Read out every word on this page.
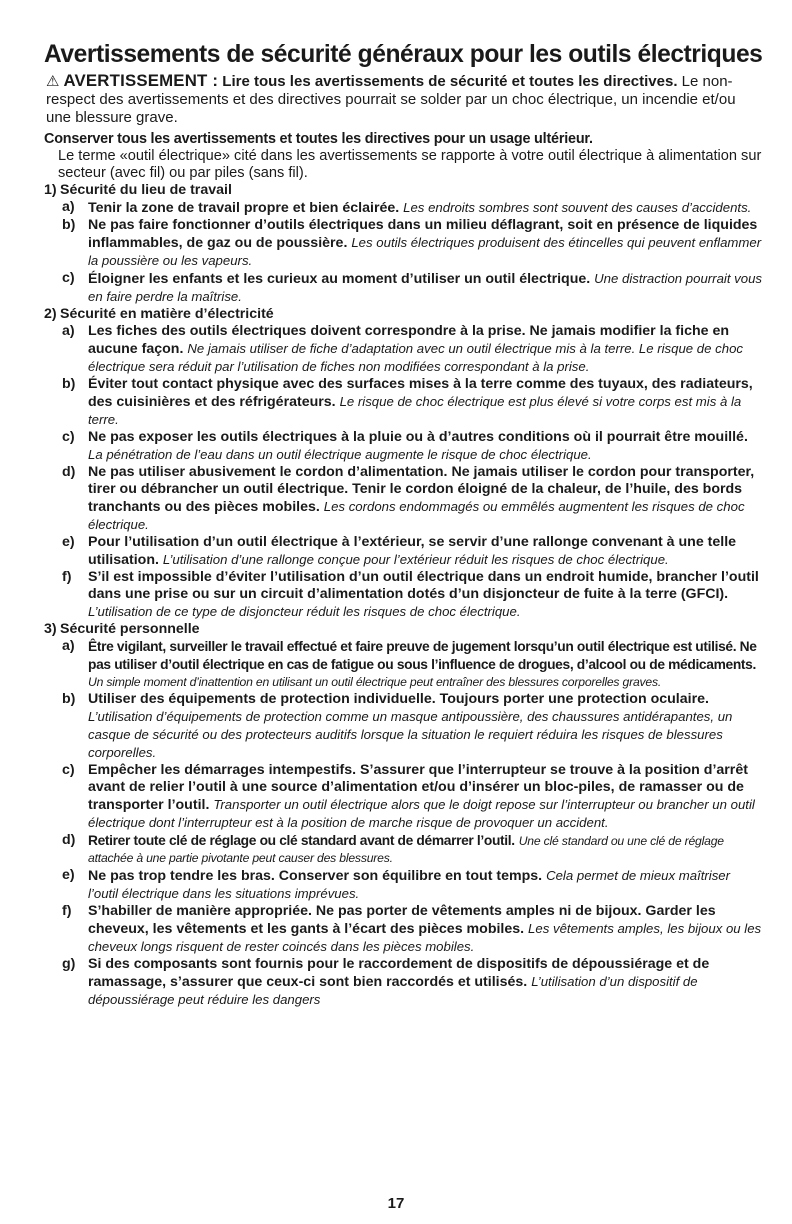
Avertissements de sécurité généraux pour les outils électriques

⚠ AVERTISSEMENT : Lire tous les avertissements de sécurité et toutes les directives. Le non-respect des avertissements et des directives pourrait se solder par un choc électrique, un incendie et/ou une blessure grave.

Conserver tous les avertissements et toutes les directives pour un usage ultérieur.
Le terme «outil électrique» cité dans les avertissements se rapporte à votre outil électrique à alimentation sur secteur (avec fil) ou par piles (sans fil).

1) Sécurité du lieu de travail
a) Tenir la zone de travail propre et bien éclairée. Les endroits sombres sont souvent des causes d’accidents.
b) Ne pas faire fonctionner d’outils électriques dans un milieu déflagrant, soit en présence de liquides inflammables, de gaz ou de poussière. Les outils électriques produisent des étincelles qui peuvent enflammer la poussière ou les vapeurs.
c) Éloigner les enfants et les curieux au moment d’utiliser un outil électrique. Une distraction pourrait vous en faire perdre la maîtrise.
2) Sécurité en matière d’électricité
a) Les fiches des outils électriques doivent correspondre à la prise. Ne jamais modifier la fiche en aucune façon. Ne jamais utiliser de fiche d’adaptation avec un outil électrique mis à la terre. Le risque de choc électrique sera réduit par l’utilisation de fiches non modifiées correspondant à la prise.
b) Éviter tout contact physique avec des surfaces mises à la terre comme des tuyaux, des radiateurs, des cuisinières et des réfrigérateurs. Le risque de choc électrique est plus élevé si votre corps est mis à la terre.
c) Ne pas exposer les outils électriques à la pluie ou à d’autres conditions où il pourrait être mouillé. La pénétration de l’eau dans un outil électrique augmente le risque de choc électrique.
d) Ne pas utiliser abusivement le cordon d’alimentation. Ne jamais utiliser le cordon pour transporter, tirer ou débrancher un outil électrique. Tenir le cordon éloigné de la chaleur, de l’huile, des bords tranchants ou des pièces mobiles. Les cordons endommagés ou emmêlés augmentent les risques de choc électrique.
e) Pour l’utilisation d’un outil électrique à l’extérieur, se servir d’une rallonge convenant à une telle utilisation. L’utilisation d’une rallonge conçue pour l’extérieur réduit les risques de choc électrique.
f)	S’il est impossible d’éviter l’utilisation d’un outil électrique dans un endroit humide, brancher l’outil dans une prise ou sur un circuit d’alimentation dotés d’un disjoncteur de fuite à la terre (GFCI). L’utilisation de ce type de disjoncteur réduit les risques de choc électrique.
3) Sécurité personnelle
a) Être vigilant, surveiller le travail effectué et faire preuve de jugement lorsqu’un outil électrique est utilisé. Ne pas utiliser d’outil électrique en cas de fatigue ou sous l’influence de drogues, d’alcool ou de médicaments. Un simple moment d’inattention en utilisant un outil électrique peut entraîner des blessures corporelles graves.
b) Utiliser des équipements de protection individuelle. Toujours porter une protection oculaire. L’utilisation d’équipements de protection comme un masque antipoussière, des chaussures antidérapantes, un casque de sécurité ou des protecteurs auditifs lorsque la situation le requiert réduira les risques de blessures corporelles.
c) Empêcher les démarrages intempestifs. S’assurer que l’interrupteur se trouve à la position d’arrêt avant de relier l’outil à une source d’alimentation et/ou d’insérer un bloc-piles, de ramasser ou de transporter l’outil. Transporter un outil électrique alors que le doigt repose sur l’interrupteur ou brancher un outil électrique dont l’interrupteur est à la position de marche risque de provoquer un accident.
d) Retirer toute clé de réglage ou clé standard avant de démarrer l’outil. Une clé standard ou une clé de réglage attachée à une partie pivotante peut causer des blessures.
e) Ne pas trop tendre les bras. Conserver son équilibre en tout temps. Cela permet de mieux maîtriser l’outil électrique dans les situations imprévues.
f)	S’habiller de manière appropriée. Ne pas porter de vêtements amples ni de bijoux. Garder les cheveux, les vêtements et les gants à l’écart des pièces mobiles. Les vêtements amples, les bijoux ou les cheveux longs risquent de rester coincés dans les pièces mobiles.
g) Si des composants sont fournis pour le raccordement de dispositifs de dépoussiérage et de ramassage, s’assurer que ceux-ci sont bien raccordés et utilisés. L’utilisation d’un dispositif de dépoussiérage peut réduire les dangers
17
